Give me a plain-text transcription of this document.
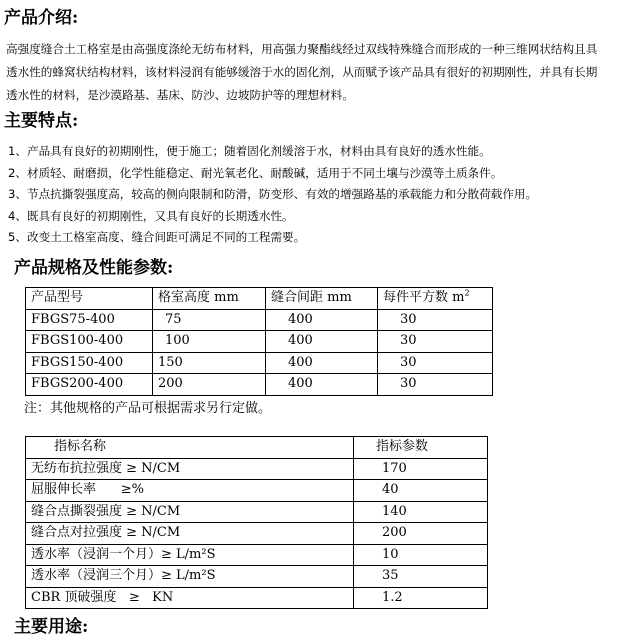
产品介绍:

高强度缝合土工格室是由高强度涤纶无纺布材料，用高强力聚酯线经过双线特殊缝合而形成的一种三维网状结构且具
透水性的蜂窝状结构材料，该材料浸润有能够缓溶于水的固化剂，从而赋予该产品具有很好的初期刚性，并具有长期
透水性的材料，是沙漠路基、基床、防沙、边坡防护等的理想材料。

主要特点:
1、产品具有良好的初期刚性，便于施工；随着固化剂缓溶于水，材料由具有良好的透水性能。
2、材质轻、耐磨损，化学性能稳定、耐光氧老化、耐酸碱，适用于不同土壤与沙漠等土质条件。
3、节点抗撕裂强度高，较高的侧向限制和防滑，防变形、有效的增强路基的承载能力和分散荷载作用。
4、既具有良好的初期刚性，又具有良好的长期透水性。
5、改变土工格室高度、缝合间距可满足不同的工程需要。
产品规格及性能参数:
产品型号	格室高度 mm	缝合间距 mm	每件平方数 $m^2$
FBGS75-400	75	400	30
FBGS100-400	100	400	30
FBGS150-400	150	400	30
FBGS200-400	200	400	30

注：其他规格的产品可根据需求另行定做。

指标名称	指标参数
无纺布抗拉强度 ≥ N/CM	170
屈服伸长率      ≥%	40
缝合点撕裂强度 ≥ N/CM	140
缝合点对拉强度 ≥ N/CM	200
透水率（浸润一个月）≥ L/m²S	10
透水率（浸润三个月）≥ L/m²S	35
CBR 顶破强度   ≥   KN	1.2
主要用途:
